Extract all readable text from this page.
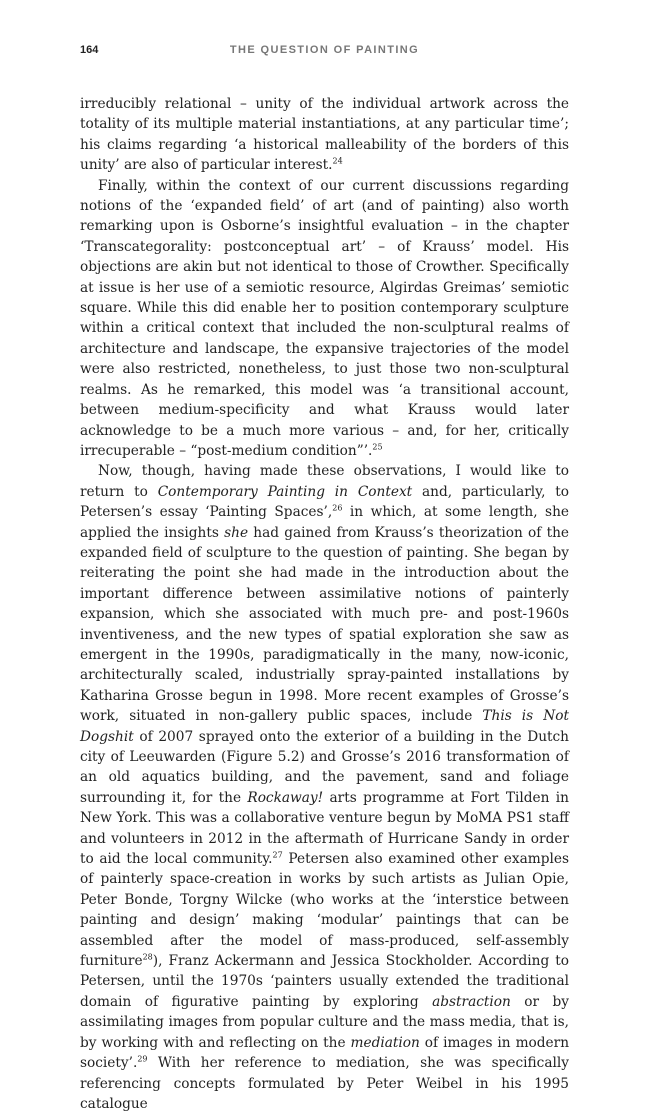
164	THE QUESTION OF PAINTING

irreducibly relational – unity of the individual artwork across the totality of its multiple material instantiations, at any particular time’; his claims regarding ‘a historical malleability of the borders of this unity’ are also of particular interest.$^{24}$

Finally, within the context of our current discussions regarding notions of the ‘expanded field’ of art (and of painting) also worth remarking upon is Osborne’s insightful evaluation – in the chapter ‘Transcategorality: postconceptual art’ – of Krauss’ model. His objections are akin but not identical to those of Crowther. Specifically at issue is her use of a semiotic resource, Algirdas Greimas’ semiotic square. While this did enable her to position contemporary sculpture within a critical context that included the non-sculptural realms of architecture and landscape, the expansive trajectories of the model were also restricted, nonetheless, to just those two non-sculptural realms. As he remarked, this model was ‘a transitional account, between medium-specificity and what Krauss would later acknowledge to be a much more various – and, for her, critically irrecuperable – “post-medium condition”’.$^{25}$

Now, though, having made these observations, I would like to return to Contemporary Painting in Context and, particularly, to Petersen’s essay ‘Painting Spaces’,$^{26}$ in which, at some length, she applied the insights she had gained from Krauss’s theorization of the expanded field of sculpture to the question of painting. She began by reiterating the point she had made in the introduction about the important difference between assimilative notions of painterly expansion, which she associated with much pre- and post-1960s inventiveness, and the new types of spatial exploration she saw as emergent in the 1990s, paradigmatically in the many, now-iconic, architecturally scaled, industrially spray-painted installations by Katharina Grosse begun in 1998. More recent examples of Grosse’s work, situated in non-gallery public spaces, include This is Not Dogshit of 2007 sprayed onto the exterior of a building in the Dutch city of Leeuwarden (Figure 5.2) and Grosse’s 2016 transformation of an old aquatics building, and the pavement, sand and foliage surrounding it, for the Rockaway! arts programme at Fort Tilden in New York. This was a collaborative venture begun by MoMA PS1 staff and volunteers in 2012 in the aftermath of Hurricane Sandy in order to aid the local community.$^{27}$ Petersen also examined other examples of painterly space-creation in works by such artists as Julian Opie, Peter Bonde, Torgny Wilcke (who works at the ‘interstice between painting and design’ making ‘modular’ paintings that can be assembled after the model of mass-produced, self-assembly furniture$^{28}$), Franz Ackermann and Jessica Stockholder. According to Petersen, until the 1970s ‘painters usually extended the traditional domain of figurative painting by exploring abstraction or by assimilating images from popular culture and the mass media, that is, by working with and reflecting on the mediation of images in modern society’.$^{29}$ With her reference to mediation, she was specifically referencing concepts formulated by Peter Weibel in his 1995 catalogue
